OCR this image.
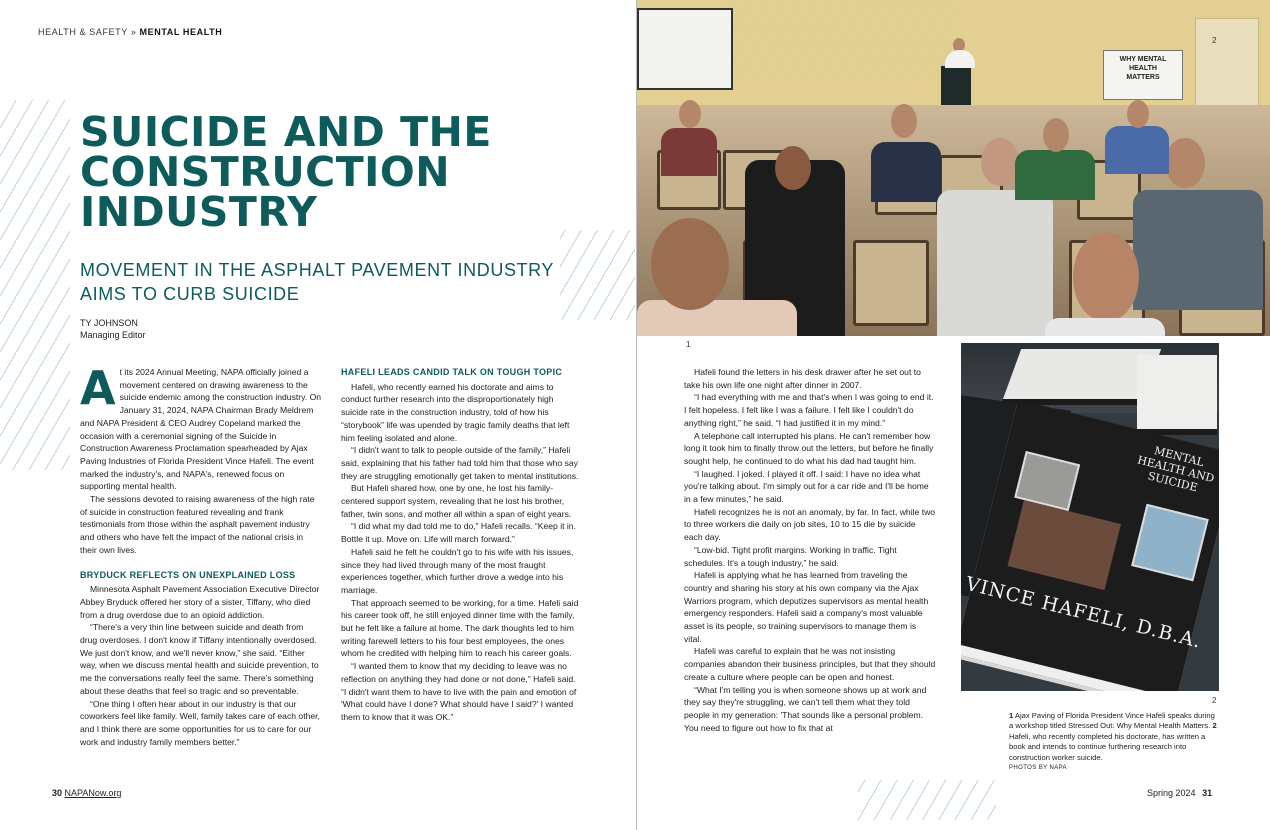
HEALTH & SAFETY » MENTAL HEALTH
SUICIDE AND THE CONSTRUCTION INDUSTRY
MOVEMENT IN THE ASPHALT PAVEMENT INDUSTRY AIMS TO CURB SUICIDE
TY JOHNSON
Managing Editor

At its 2024 Annual Meeting, NAPA officially joined a movement centered on drawing awareness to the suicide endemic among the construction industry. On January 31, 2024, NAPA Chairman Brady Meldrem and NAPA President & CEO Audrey Copeland marked the occasion with a ceremonial signing of the Suicide in Construction Awareness Proclamation spearheaded by Ajax Paving Industries of Florida President Vince Hafeli. The event marked the industry's, and NAPA's, renewed focus on supporting mental health.

The sessions devoted to raising awareness of the high rate of suicide in construction featured revealing and frank testimonials from those within the asphalt pavement industry and others who have felt the impact of the national crisis in their own lives.

BRYDUCK REFLECTS ON UNEXPLAINED LOSS

Minnesota Asphalt Pavement Association Executive Director Abbey Bryduck offered her story of a sister, Tiffany, who died from a drug overdose due to an opioid addiction.

“There's a very thin line between suicide and death from drug overdoses. I don't know if Tiffany intentionally overdosed. We just don't know, and we'll never know,” she said. “Either way, when we discuss mental health and suicide prevention, to me the conversations really feel the same. There's something about these deaths that feel so tragic and so preventable.

“One thing I often hear about in our industry is that our coworkers feel like family. Well, family takes care of each other, and I think there are some opportunities for us to care for our work and industry family members better.”

HAFELI LEADS CANDID TALK ON TOUGH TOPIC

Hafeli, who recently earned his doctorate and aims to conduct further research into the disproportionately high suicide rate in the construction industry, told of how his “storybook” life was upended by tragic family deaths that left him feeling isolated and alone.

“I didn't want to talk to people outside of the family,” Hafeli said, explaining that his father had told him that those who say they are struggling emotionally get taken to mental institutions.

But Hafeli shared how, one by one, he lost his family-centered support system, revealing that he lost his brother, father, twin sons, and mother all within a span of eight years.

“I did what my dad told me to do,” Hafeli recalls. “Keep it in. Bottle it up. Move on. Life will march forward.”

Hafeli said he felt he couldn't go to his wife with his issues, since they had lived through many of the most fraught experiences together, which further drove a wedge into his marriage.

That approach seemed to be working, for a time. Hafeli said his career took off, he still enjoyed dinner time with the family, but he felt like a failure at home. The dark thoughts led to him writing farewell letters to his four best employees, the ones whom he credited with helping him to reach his career goals.

“I wanted them to know that my deciding to leave was no reflection on anything they had done or not done,” Hafeli said. “I didn't want them to have to live with the pain and emotion of 'What could have I done? What should have I said?' I wanted them to know that it was OK.”

30 NAPANow.org
WHY MENTAL HEALTH MATTERS
2
1

Hafeli found the letters in his desk drawer after he set out to take his own life one night after dinner in 2007.

“I had everything with me and that's when I was going to end it. I felt hopeless. I felt like I was a failure. I felt like I couldn't do anything right,” he said. “I had justified it in my mind.”

A telephone call interrupted his plans. He can't remember how long it took him to finally throw out the letters, but before he finally sought help, he continued to do what his dad had taught him.

“I laughed. I joked. I played it off. I said: I have no idea what you're talking about. I'm simply out for a car ride and I'll be home in a few minutes,” he said.

Hafeli recognizes he is not an anomaly, by far. In fact, while two to three workers die daily on job sites, 10 to 15 die by suicide each day.

“Low-bid. Tight profit margins. Working in traffic. Tight schedules. It's a tough industry,” he said.

Hafeli is applying what he has learned from traveling the country and sharing his story at his own company via the Ajax Warriors program, which deputizes supervisors as mental health emergency responders. Hafeli said a company's most valuable asset is its people, so training supervisors to manage them is vital.

Hafeli was careful to explain that he was not insisting companies abandon their business principles, but that they should create a culture where people can be open and honest.

“What I'm telling you is when someone shows up at work and they say they're struggling, we can't tell them what they told people in my generation: 'That sounds like a personal problem. You need to figure out how to fix that at

MENTAL HEALTH AND SUICIDE
VINCE HAFELI, D.B.A.
2
1 Ajax Paving of Florida President Vince Hafeli speaks during a workshop titled Stressed Out: Why Mental Health Matters. 2 Hafeli, who recently completed his doctorate, has written a book and intends to continue furthering research into construction worker suicide.
PHOTOS BY NAPA
Spring 2024 31
